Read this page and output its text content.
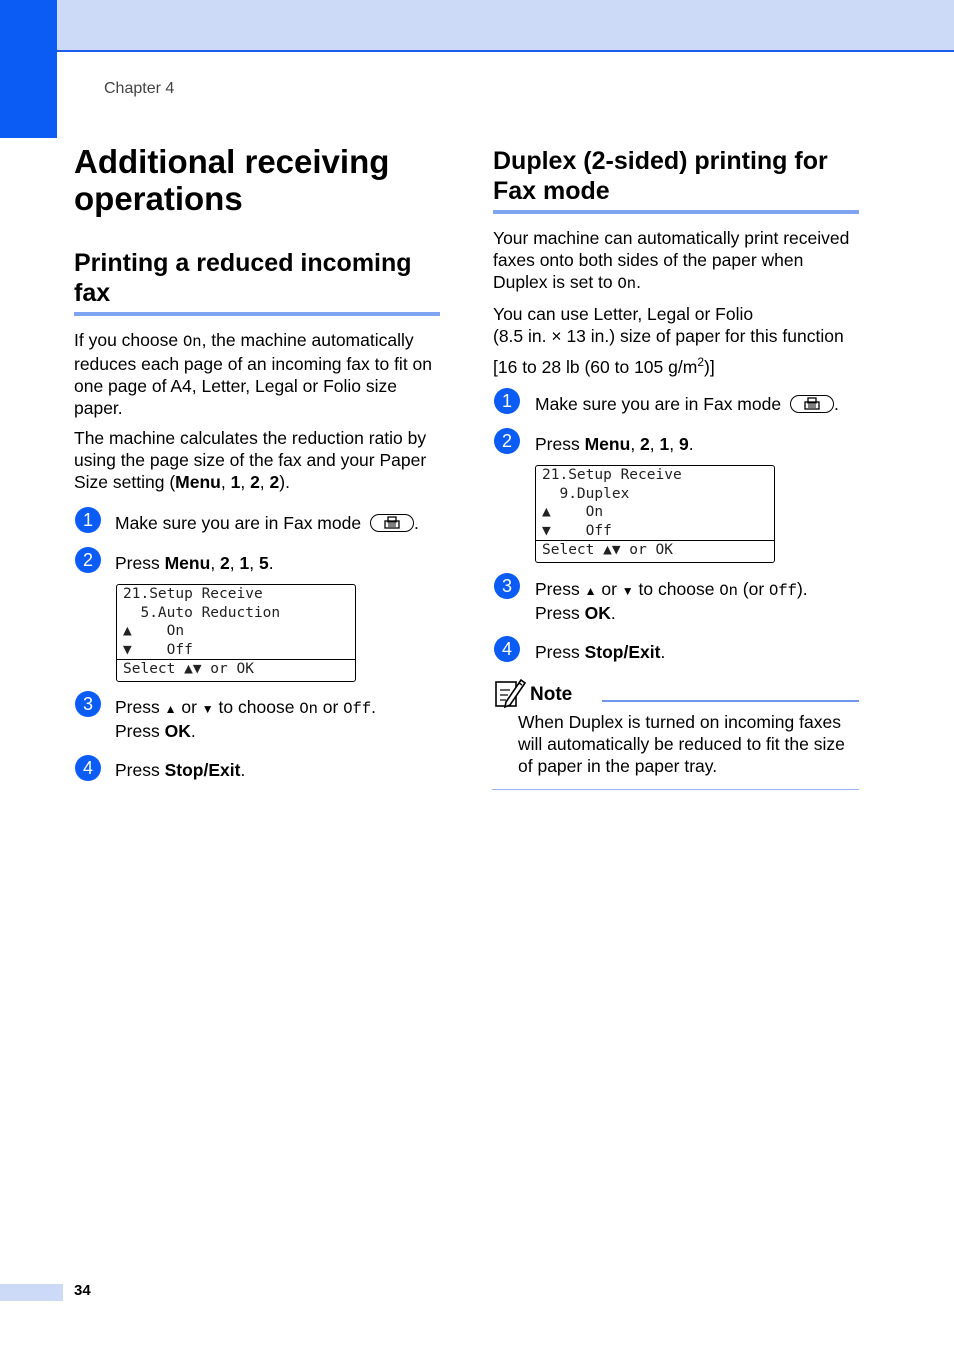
Chapter 4
Additional receiving operations
Printing a reduced incoming fax
If you choose On, the machine automatically reduces each page of an incoming fax to fit on one page of A4, Letter, Legal or Folio size paper.
The machine calculates the reduction ratio by using the page size of the fax and your Paper Size setting (Menu, 1, 2, 2).
1	Make sure you are in Fax mode	.
2	Press Menu, 2, 1, 5.
21.Setup Receive
5.Auto Reduction
▲    On
▼    Off
Select ▲▼ or OK
3	Press ▲ or ▼ to choose On or Off.
Press OK.
4	Press Stop/Exit.
Duplex (2-sided) printing for Fax mode
Your machine can automatically print received faxes onto both sides of the paper when Duplex is set to On.
You can use Letter, Legal or Folio
(8.5 in. × 13 in.) size of paper for this function
[16 to 28 lb (60 to 105 $g/m^2$)]
1	Make sure you are in Fax mode	.
2	Press Menu, 2, 1, 9.
21.Setup Receive
9.Duplex
▲    On
▼    Off
Select ▲▼ or OK
3	Press ▲ or ▼ to choose On (or Off).
Press OK.
4	Press Stop/Exit.
Note
When Duplex is turned on incoming faxes will automatically be reduced to fit the size of paper in the paper tray.
34
